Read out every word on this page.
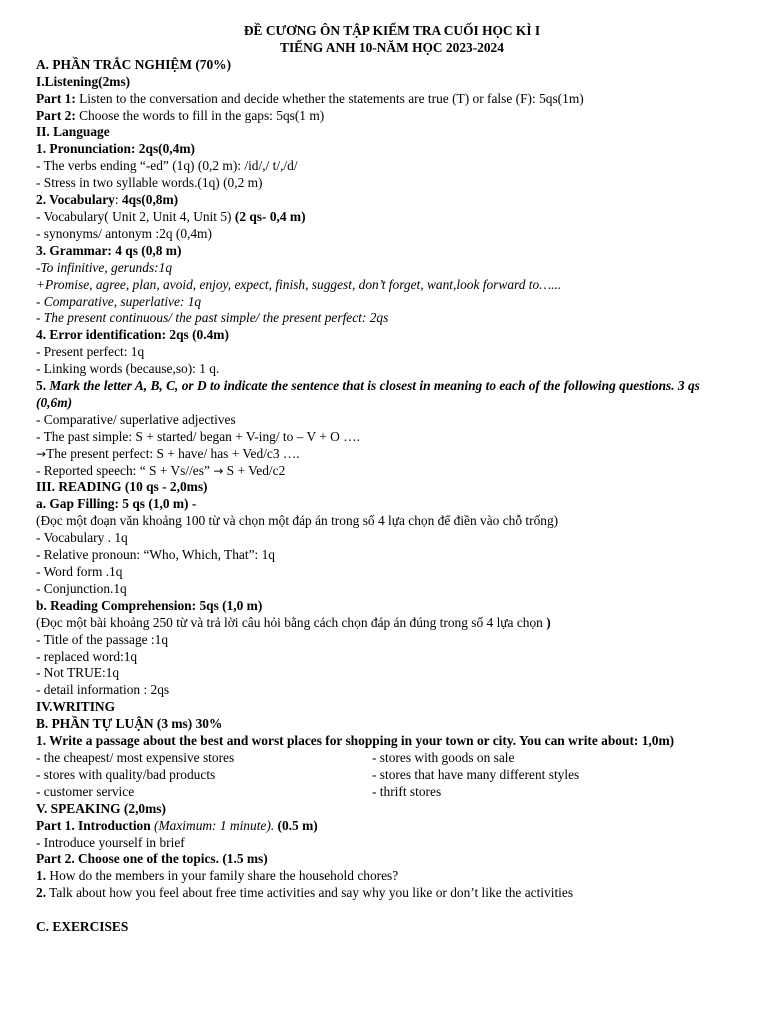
ĐỀ CƯƠNG ÔN TẬP KIỂM TRA CUỐI HỌC KÌ I
TIẾNG ANH 10-NĂM HỌC 2023-2024
A. PHẦN TRẮC NGHIỆM (70%)
I.Listening(2ms)
Part 1: Listen to the conversation and decide whether the statements are true (T) or false (F): 5qs(1m)
Part 2: Choose the words to fill in the gaps: 5qs(1 m)
II. Language
1. Pronunciation: 2qs(0,4m)
- The verbs ending “-ed” (1q) (0,2 m): /id/,/ t/,/d/
- Stress in two syllable words.(1q) (0,2 m)
2. Vocabulary: 4qs(0,8m)
- Vocabulary( Unit 2, Unit 4, Unit 5) (2 qs- 0,4 m)
- synonyms/ antonym :2q (0,4m)
3. Grammar: 4 qs (0,8 m)
-To infinitive, gerunds:1q
+Promise, agree, plan, avoid, enjoy, expect, finish, suggest, don’t forget, want,look forward to…...
- Comparative, superlative: 1q
- The present continuous/ the past simple/ the present perfect: 2qs
4. Error identification: 2qs (0.4m)
- Present perfect: 1q
- Linking words (because,so): 1 q.
5. Mark the letter A, B, C, or D to indicate the sentence that is closest in meaning to each of the following questions. 3 qs (0,6m)
- Comparative/ superlative adjectives
- The past simple: S + started/ began + V-ing/ to – V + O ….
→The present perfect: S + have/ has + Ved/c3 ….
- Reported speech: “ S + Vs//es” → S + Ved/c2
III. READING (10 qs - 2,0ms)
a. Gap Filling: 5 qs (1,0 m) -
(Đọc một đoạn văn khoảng 100 từ và chọn một đáp án trong số 4 lựa chọn để điền vào chỗ trống)
- Vocabulary . 1q
- Relative pronoun: “Who, Which, That”: 1q
- Word form .1q
- Conjunction.1q
b. Reading Comprehension: 5qs (1,0 m)
(Đọc một bài khoảng 250 từ và trả lời câu hỏi bằng cách chọn đáp án đúng trong số 4 lựa chọn )
- Title of the passage :1q
- replaced word:1q
- Not TRUE:1q
- detail information : 2qs
IV.WRITING
B. PHẦN TỰ LUẬN (3 ms) 30%
1. Write a passage about the best and worst places for shopping in your town or city. You can write about: 1,0m)
- the cheapest/ most expensive stores
- stores with quality/bad products
- customer service
- stores with goods on sale
- stores that have many different styles
- thrift stores
V. SPEAKING (2,0ms)
Part 1. Introduction (Maximum: 1 minute). (0.5 m)
- Introduce yourself in brief
Part 2. Choose one of the topics. (1.5 ms)
1. How do the members in your family share the household chores?
2. Talk about how you feel about free time activities and say why you like or don’t like the activities
C. EXERCISES
